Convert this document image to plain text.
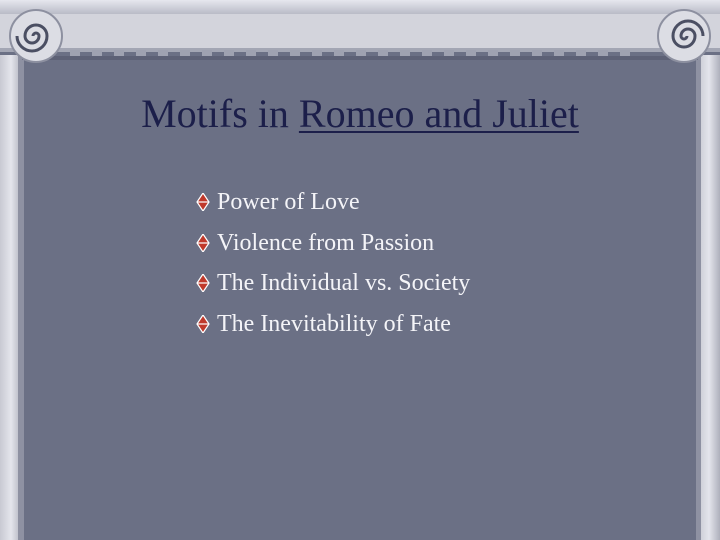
Motifs in Romeo and Juliet
Power of Love
Violence from Passion
The Individual vs. Society
The Inevitability of Fate
